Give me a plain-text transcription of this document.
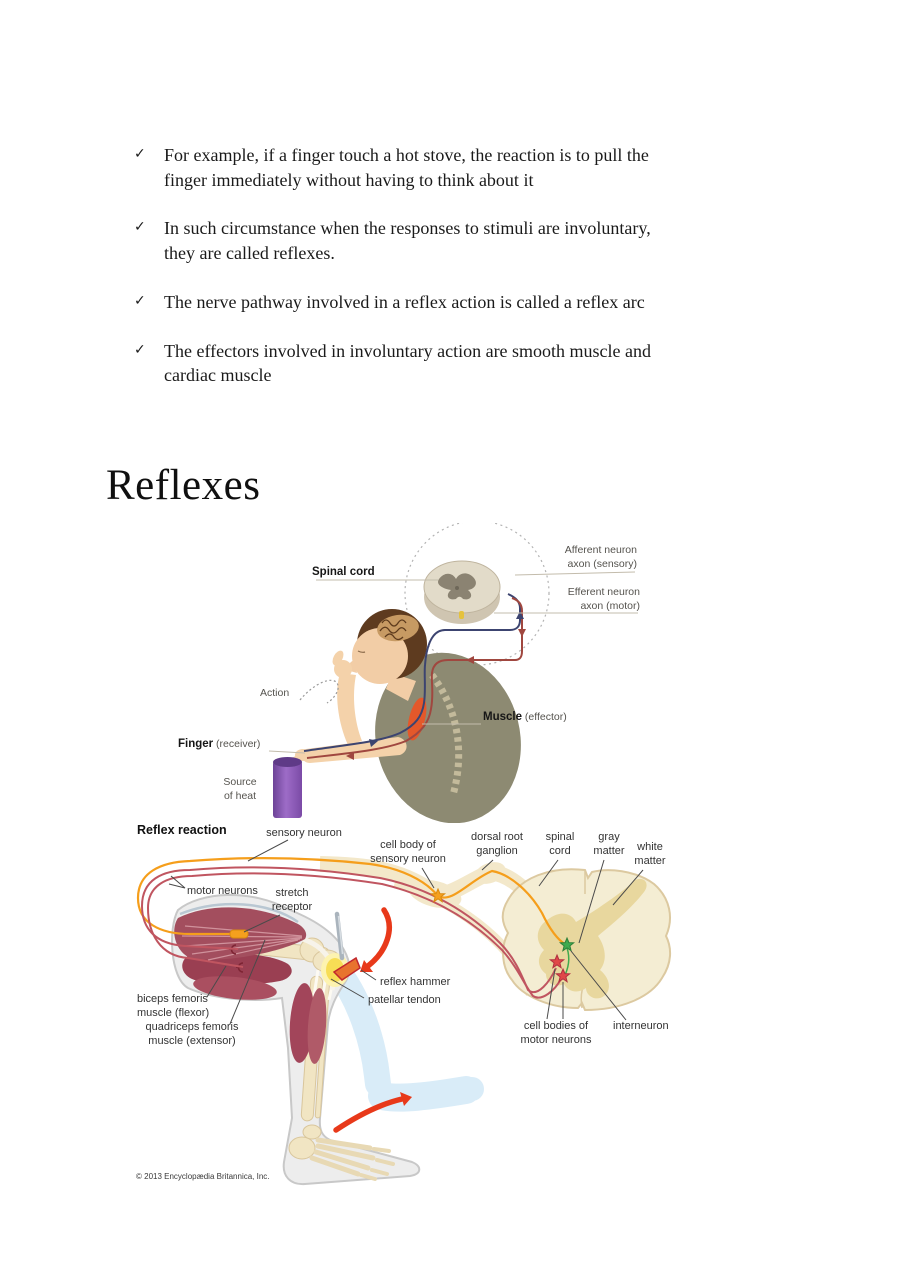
✓	For example, if a finger touch a hot stove, the reaction is to pull the
finger immediately without having to think about it
✓	In such circumstance when the responses to stimuli are involuntary,
they are called reflexes.
✓	The nerve pathway involved in a reflex action is called a reflex arc
✓	The effectors involved in involuntary action are smooth muscle and
cardiac muscle
Reflexes
Spinal cord
Afferent neuron
axon (sensory)
Efferent neuron
axon (motor)
Action
Muscle (effector)
Finger (receiver)
Source
of heat
Reflex reaction	sensory neuron
cell body of
sensory neuron
dorsal root
ganglion
spinal
cord
gray
matter white
matter
motor neurons stretch
receptor
reflex hammer
patellar tendon
biceps femoris
muscle (flexor)
quadriceps femoris
muscle (extensor)
cell bodies of
motor neurons
interneuron
© 2013 Encyclopædia Britannica, Inc.
